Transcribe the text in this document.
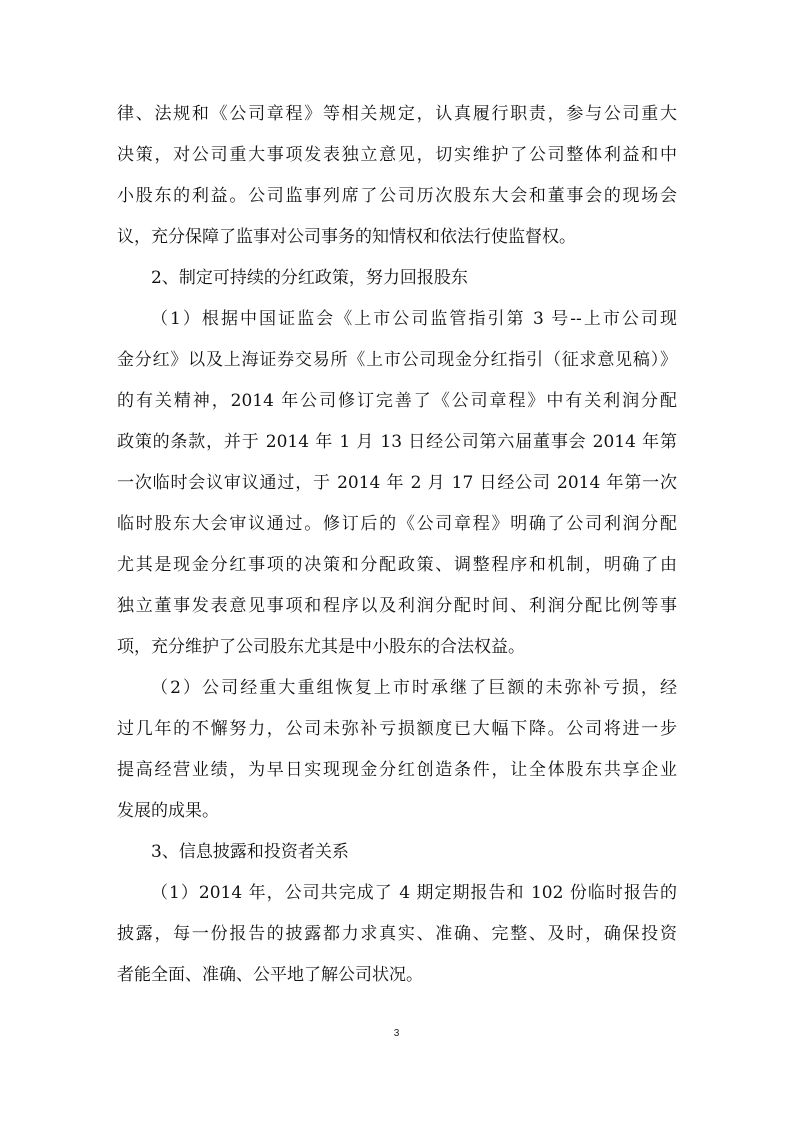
律、法规和《公司章程》等相关规定，认真履行职责，参与公司重大
决策，对公司重大事项发表独立意见，切实维护了公司整体利益和中
小股东的利益。公司监事列席了公司历次股东大会和董事会的现场会
议，充分保障了监事对公司事务的知情权和依法行使监督权。
2、制定可持续的分红政策，努力回报股东
（1）根据中国证监会《上市公司监管指引第 3 号--上市公司现
金分红》以及上海证券交易所《上市公司现金分红指引（征求意见稿）》
的有关精神，2014 年公司修订完善了《公司章程》中有关利润分配
政策的条款，并于 2014 年 1 月 13 日经公司第六届董事会 2014 年第
一次临时会议审议通过，于 2014 年 2 月 17 日经公司 2014 年第一次
临时股东大会审议通过。修订后的《公司章程》明确了公司利润分配
尤其是现金分红事项的决策和分配政策、调整程序和机制，明确了由
独立董事发表意见事项和程序以及利润分配时间、利润分配比例等事
项，充分维护了公司股东尤其是中小股东的合法权益。
（2）公司经重大重组恢复上市时承继了巨额的未弥补亏损，经
过几年的不懈努力，公司未弥补亏损额度已大幅下降。公司将进一步
提高经营业绩，为早日实现现金分红创造条件，让全体股东共享企业
发展的成果。
3、信息披露和投资者关系
（1）2014 年，公司共完成了 4 期定期报告和 102 份临时报告的
披露，每一份报告的披露都力求真实、准确、完整、及时，确保投资
者能全面、准确、公平地了解公司状况。
3
